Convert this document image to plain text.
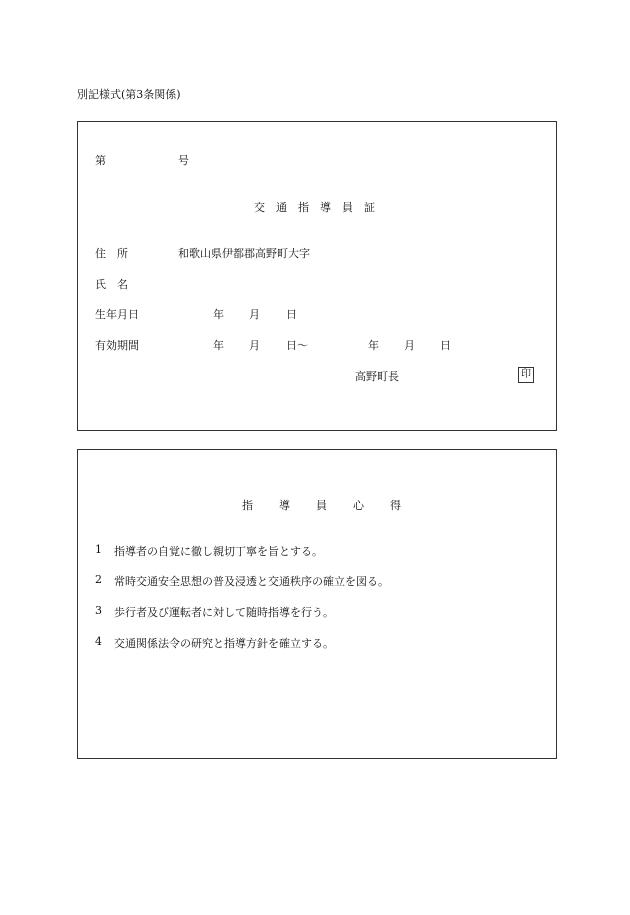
別記様式(第3条関係)
第	号
交通指導員証
住　所	和歌山県伊都郡高野町大字
氏　名
生年月日	年 月 日
有効期間	年 月 日〜	年 月 日
高野町長	印
指導員心得
1 指導者の自覚に徹し親切丁寧を旨とする。
2 常時交通安全思想の普及浸透と交通秩序の確立を図る。
3 歩行者及び運転者に対して随時指導を行う。
4 交通関係法令の研究と指導方針を確立する。
